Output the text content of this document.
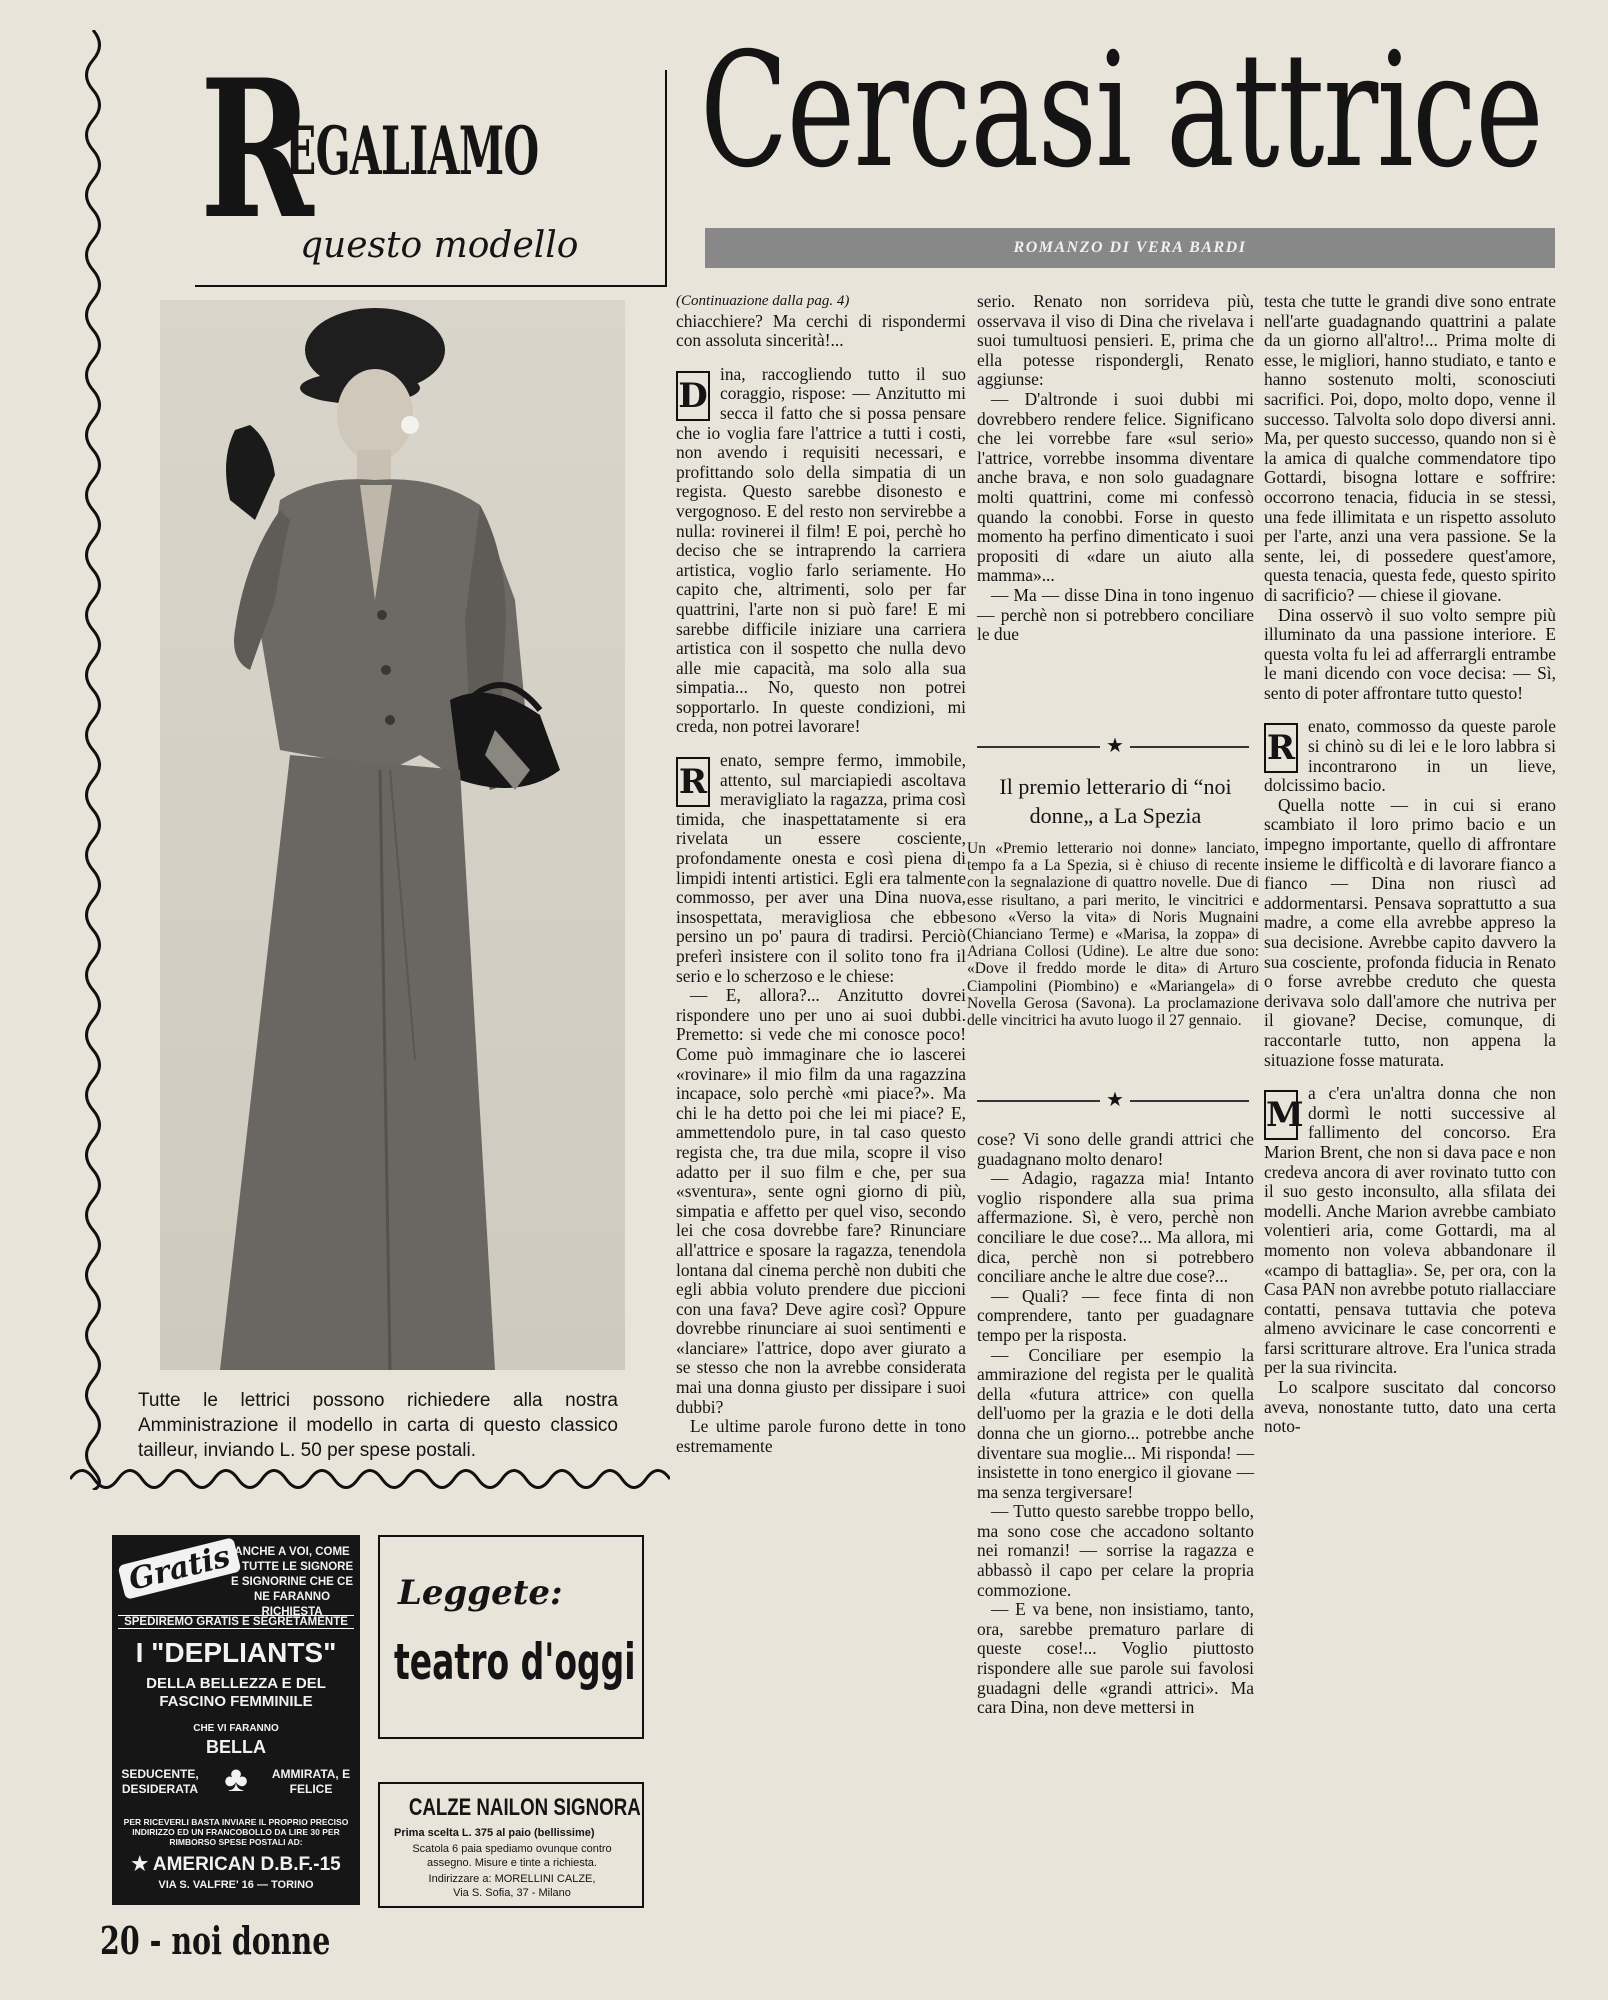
R
EGALIAMO
questo modello
Tutte le lettrici possono richiedere alla nostra Amministrazione il modello in carta di questo classico tailleur, inviando L. 50 per spese postali.
Cercasi attrice
ROMANZO DI VERA BARDI

(Continuazione dalla pag. 4)

chiacchiere? Ma cerchi di rispondermi con assoluta sincerità!...

D

ina, raccogliendo tutto il suo coraggio, rispose: — Anzitutto mi secca il fatto che si possa pensare che io voglia fare l'attrice a tutti i costi, non avendo i requisiti necessari, e profittando solo della simpatia di un regista. Questo sarebbe disonesto e vergognoso. E del resto non servirebbe a nulla: rovinerei il film! E poi, perchè ho deciso che se intraprendo la carriera artistica, voglio farlo seriamente. Ho capito che, altrimenti, solo per far quattrini, l'arte non si può fare! E mi sarebbe difficile iniziare una carriera artistica con il sospetto che nulla devo alle mie capacità, ma solo alla sua simpatia... No, questo non potrei sopportarlo. In queste condizioni, mi creda, non potrei lavorare!

R

enato, sempre fermo, immobile, attento, sul marciapiedi ascoltava meravigliato la ragazza, prima così timida, che inaspettatamente si era rivelata un essere cosciente, profondamente onesta e così piena di limpidi intenti artistici. Egli era talmente commosso, per aver una Dina nuova, insospettata, meravigliosa che ebbe persino un po' paura di tradirsi. Perciò preferì insistere con il solito tono fra il serio e lo scherzoso e le chiese:

— E, allora?... Anzitutto dovrei rispondere uno per uno ai suoi dubbi. Premetto: si vede che mi conosce poco! Come può immaginare che io lascerei «rovinare» il mio film da una ragazzina incapace, solo perchè «mi piace?». Ma chi le ha detto poi che lei mi piace? E, ammettendolo pure, in tal caso questo regista che, tra due mila, scopre il viso adatto per il suo film e che, per sua «sventura», sente ogni giorno di più, simpatia e affetto per quel viso, secondo lei che cosa dovrebbe fare? Rinunciare all'attrice e sposare la ragazza, tenendola lontana dal cinema perchè non dubiti che egli abbia voluto prendere due piccioni con una fava? Deve agire così? Oppure dovrebbe rinunciare ai suoi sentimenti e «lanciare» l'attrice, dopo aver giurato a se stesso che non la avrebbe considerata mai una donna giusto per dissipare i suoi dubbi?

Le ultime parole furono dette in tono estremamente

serio. Renato non sorrideva più, osservava il viso di Dina che rivelava i suoi tumultuosi pensieri. E, prima che ella potesse rispondergli, Renato aggiunse:

— D'altronde i suoi dubbi mi dovrebbero rendere felice. Significano che lei vorrebbe fare «sul serio» l'attrice, vorrebbe insomma diventare anche brava, e non solo guadagnare molti quattrini, come mi confessò quando la conobbi. Forse in questo momento ha perfino dimenticato i suoi propositi di «dare un aiuto alla mamma»...

— Ma — disse Dina in tono ingenuo — perchè non si potrebbero conciliare le due

★
Il premio letterario di “noi donne„ a La Spezia
Un «Premio letterario noi donne» lanciato, tempo fa a La Spezia, si è chiuso di recente con la segnalazione di quattro novelle. Due di esse risultano, a pari merito, le vincitrici e sono «Verso la vita» di Noris Mugnaini (Chianciano Terme) e «Marisa, la zoppa» di Adriana Collosi (Udine). Le altre due sono: «Dove il freddo morde le dita» di Arturo Ciampolini (Piombino) e «Mariangela» di Novella Gerosa (Savona). La proclamazione delle vincitrici ha avuto luogo il 27 gennaio.
★

cose? Vi sono delle grandi attrici che guadagnano molto denaro!

— Adagio, ragazza mia! Intanto voglio rispondere alla sua prima affermazione. Sì, è vero, perchè non conciliare le due cose?... Ma allora, mi dica, perchè non si potrebbero conciliare anche le altre due cose?...

— Quali? — fece finta di non comprendere, tanto per guadagnare tempo per la risposta.

— Conciliare per esempio la ammirazione del regista per le qualità della «futura attrice» con quella dell'uomo per la grazia e le doti della donna che un giorno... potrebbe anche diventare sua moglie... Mi risponda! — insistette in tono energico il giovane — ma senza tergiversare!

— Tutto questo sarebbe troppo bello, ma sono cose che accadono soltanto nei romanzi! — sorrise la ragazza e abbassò il capo per celare la propria commozione.

— E va bene, non insistiamo, tanto, ora, sarebbe prematuro parlare di queste cose!... Voglio piuttosto rispondere alle sue parole sui favolosi guadagni delle «grandi attrici». Ma cara Dina, non deve mettersi in

testa che tutte le grandi dive sono entrate nell'arte guadagnando quattrini a palate da un giorno all'altro!... Prima molte di esse, le migliori, hanno studiato, e tanto e hanno sostenuto molti, sconosciuti sacrifici. Poi, dopo, molto dopo, venne il successo. Talvolta solo dopo diversi anni. Ma, per questo successo, quando non si è la amica di qualche commendatore tipo Gottardi, bisogna lottare e soffrire: occorrono tenacia, fiducia in se stessi, una fede illimitata e un rispetto assoluto per l'arte, anzi una vera passione. Se la sente, lei, di possedere quest'amore, questa tenacia, questa fede, questo spirito di sacrificio? — chiese il giovane.

Dina osservò il suo volto sempre più illuminato da una passione interiore. E questa volta fu lei ad afferrargli entrambe le mani dicendo con voce decisa: — Sì, sento di poter affrontare tutto questo!

R

enato, commosso da queste parole si chinò su di lei e le loro labbra si incontrarono in un lieve, dolcissimo bacio.

Quella notte — in cui si erano scambiato il loro primo bacio e un impegno importante, quello di affrontare insieme le difficoltà e di lavorare fianco a fianco — Dina non riuscì ad addormentarsi. Pensava soprattutto a sua madre, a come ella avrebbe appreso la sua decisione. Avrebbe capito davvero la sua cosciente, profonda fiducia in Renato o forse avrebbe creduto che questa derivava solo dall'amore che nutriva per il giovane? Decise, comunque, di raccontarle tutto, non appena la situazione fosse maturata.

M

a c'era un'altra donna che non dormì le notti successive al fallimento del concorso. Era Marion Brent, che non si dava pace e non credeva ancora di aver rovinato tutto con il suo gesto inconsulto, alla sfilata dei modelli. Anche Marion avrebbe cambiato volentieri aria, come Gottardi, ma al momento non voleva abbandonare il «campo di battaglia». Se, per ora, con la Casa PAN non avrebbe potuto riallacciare contatti, pensava tuttavia che poteva almeno avvicinare le case concorrenti e farsi scritturare altrove. Era l'unica strada per la sua rivincita.

Lo scalpore suscitato dal concorso aveva, nonostante tutto, dato una certa noto-

Gratis ANCHE A VOI, COME A TUTTE LE SIGNORE E SIGNORINE CHE CE NE FARANNO RICHIESTA
SPEDIREMO GRATIS E SEGRETAMENTE
I "DEPLIANTS"
DELLA BELLEZZA E DEL FASCINO FEMMINILE
CHE VI FARANNO
BELLA
SEDUCENTE, DESIDERATA ♣	AMMIRATA, E FELICE
PER RICEVERLI BASTA INVIARE IL PROPRIO PRECISO INDIRIZZO ED UN FRANCOBOLLO DA LIRE 30 PER RIMBORSO SPESE POSTALI AD:
★ AMERICAN D.B.F.-15
VIA S. VALFRE' 16 — TORINO
Leggete:
teatro d'oggi
CALZE NAILON SIGNORA
Prima scelta L. 375 al paio (bellissime)
Scatola 6 paia spediamo ovunque contro assegno. Misure e tinte a richiesta.
Indirizzare a: MORELLINI CALZE,
Via S. Sofia, 37 - Milano
20 - noi donne
